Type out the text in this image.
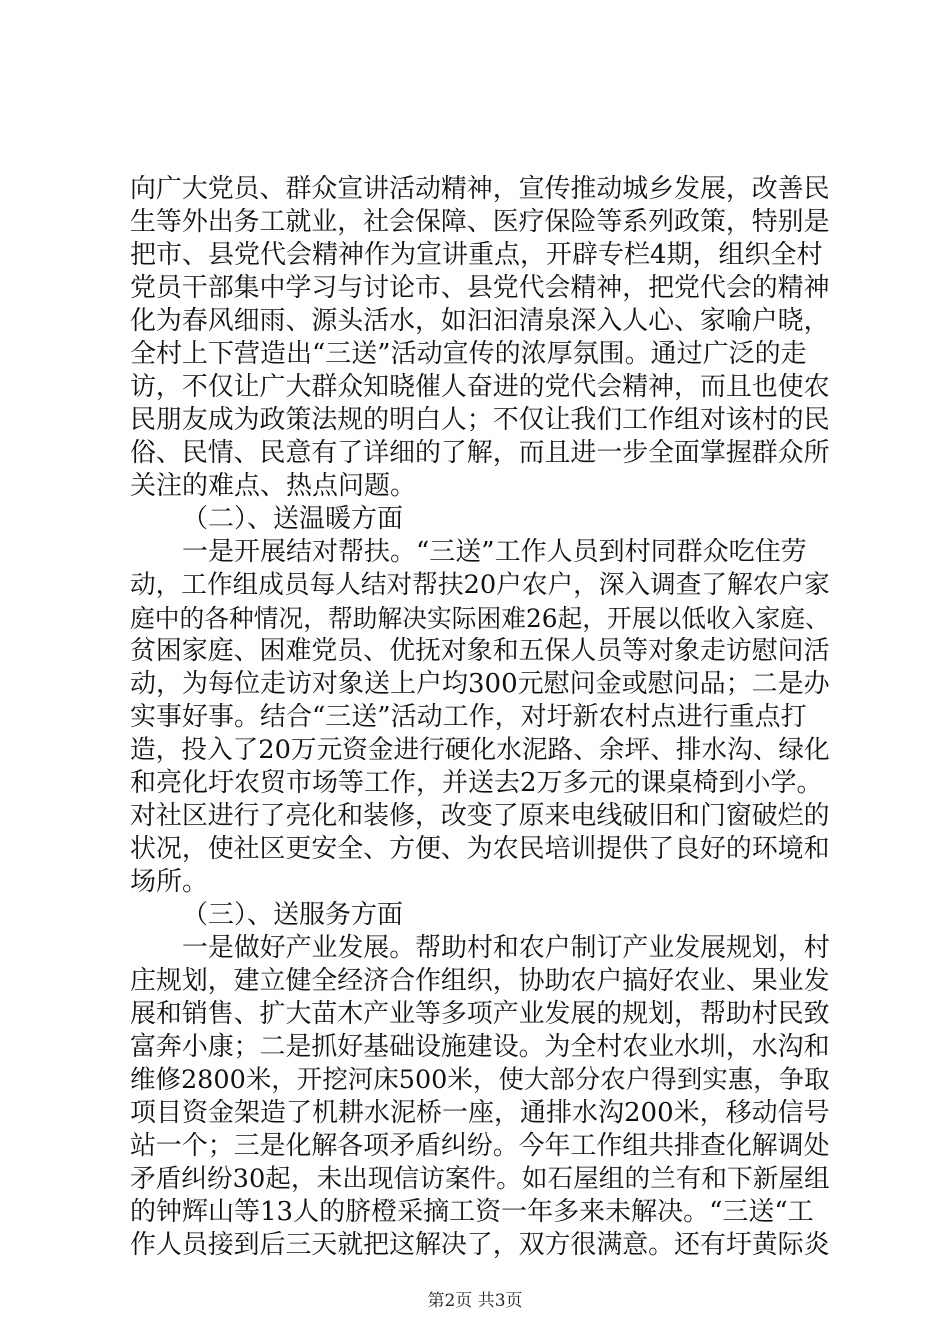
向广大党员、群众宣讲活动精神，宣传推动城乡发展，改善民
生等外出务工就业，社会保障、医疗保险等系列政策，特别是
把市、县党代会精神作为宣讲重点，开辟专栏4期，组织全村
党员干部集中学习与讨论市、县党代会精神，把党代会的精神
化为春风细雨、源头活水，如汩汩清泉深入人心、家喻户晓，
全村上下营造出“三送”活动宣传的浓厚氛围。通过广泛的走
访，不仅让广大群众知晓催人奋进的党代会精神，而且也使农
民朋友成为政策法规的明白人；不仅让我们工作组对该村的民
俗、民情、民意有了详细的了解，而且进一步全面掌握群众所
关注的难点、热点问题。
（二）、送温暖方面
一是开展结对帮扶。“三送”工作人员到村同群众吃住劳
动，工作组成员每人结对帮扶20户农户，深入调查了解农户家
庭中的各种情况，帮助解决实际困难26起，开展以低收入家庭、
贫困家庭、困难党员、优抚对象和五保人员等对象走访慰问活
动，为每位走访对象送上户均300元慰问金或慰问品；二是办
实事好事。结合“三送”活动工作，对圩新农村点进行重点打
造，投入了20万元资金进行硬化水泥路、余坪、排水沟、绿化
和亮化圩农贸市场等工作，并送去2万多元的课桌椅到小学。
对社区进行了亮化和装修，改变了原来电线破旧和门窗破烂的
状况，使社区更安全、方便、为农民培训提供了良好的环境和
场所。
（三）、送服务方面
一是做好产业发展。帮助村和农户制订产业发展规划，村
庄规划，建立健全经济合作组织，协助农户搞好农业、果业发
展和销售、扩大苗木产业等多项产业发展的规划，帮助村民致
富奔小康；二是抓好基础设施建设。为全村农业水圳，水沟和
维修2800米，开挖河床500米，使大部分农户得到实惠，争取
项目资金架造了机耕水泥桥一座，通排水沟200米，移动信号
站一个；三是化解各项矛盾纠纷。今年工作组共排查化解调处
矛盾纠纷30起，未出现信访案件。如石屋组的兰有和下新屋组
的钟辉山等13人的脐橙采摘工资一年多来未解决。“三送“工
作人员接到后三天就把这解决了，双方很满意。还有圩黄际炎
第2页 共3页
